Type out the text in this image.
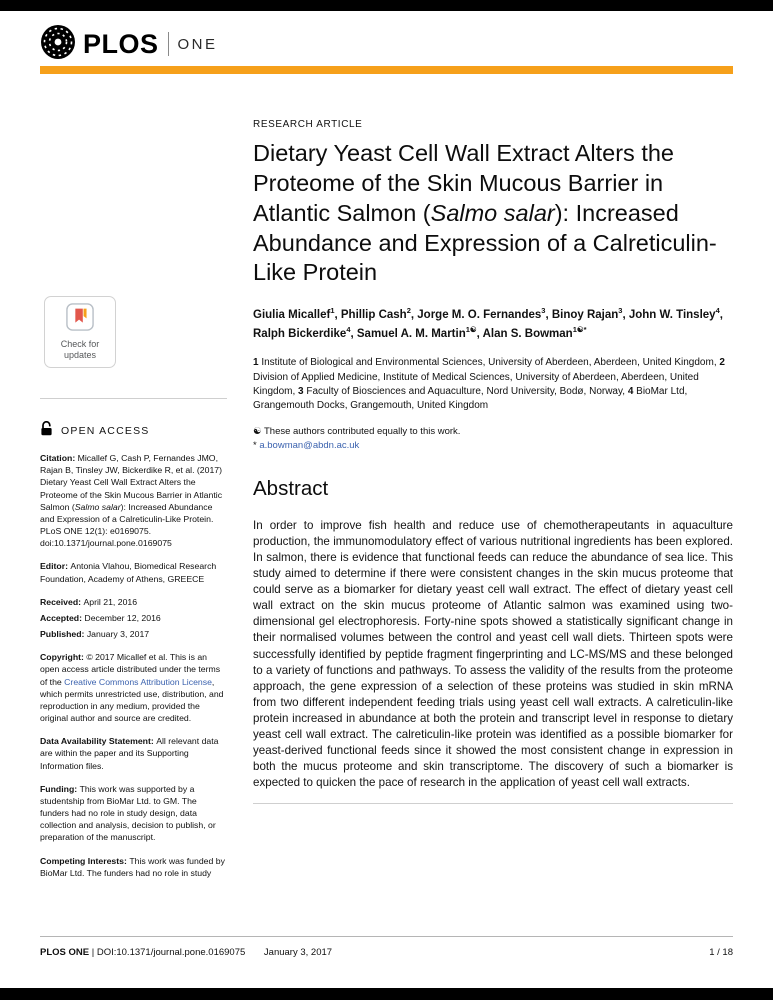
PLOS ONE
Check for
updates
OPEN ACCESS
Citation: Micallef G, Cash P, Fernandes JMO, Rajan B, Tinsley JW, Bickerdike R, et al. (2017) Dietary Yeast Cell Wall Extract Alters the Proteome of the Skin Mucous Barrier in Atlantic Salmon (Salmo salar): Increased Abundance and Expression of a Calreticulin-Like Protein. PLoS ONE 12(1): e0169075. doi:10.1371/journal.pone.0169075
Editor: Antonia Vlahou, Biomedical Research Foundation, Academy of Athens, GREECE
Received: April 21, 2016
Accepted: December 12, 2016
Published: January 3, 2017
Copyright: © 2017 Micallef et al. This is an open access article distributed under the terms of the Creative Commons Attribution License, which permits unrestricted use, distribution, and reproduction in any medium, provided the original author and source are credited.
Data Availability Statement: All relevant data are within the paper and its Supporting Information files.
Funding: This work was supported by a studentship from BioMar Ltd. to GM. The funders had no role in study design, data collection and analysis, decision to publish, or preparation of the manuscript.
Competing Interests: This work was funded by BioMar Ltd. The funders had no role in study
RESEARCH ARTICLE
Dietary Yeast Cell Wall Extract Alters the Proteome of the Skin Mucous Barrier in Atlantic Salmon (Salmo salar): Increased Abundance and Expression of a Calreticulin-Like Protein
Giulia Micallef$^1$, Phillip Cash$^2$, Jorge M. O. Fernandes$^3$, Binoy Rajan$^3$, John W. Tinsley$^4$, Ralph Bickerdike$^4$, Samuel A. M. Martin$^{1☯}$, Alan S. Bowman$^{1☯*}$
1 Institute of Biological and Environmental Sciences, University of Aberdeen, Aberdeen, United Kingdom, 2 Division of Applied Medicine, Institute of Medical Sciences, University of Aberdeen, Aberdeen, United Kingdom, 3 Faculty of Biosciences and Aquaculture, Nord University, Bodø, Norway, 4 BioMar Ltd, Grangemouth Docks, Grangemouth, United Kingdom
☯ These authors contributed equally to this work.
* a.bowman@abdn.ac.uk
Abstract

In order to improve fish health and reduce use of chemotherapeutants in aquaculture production, the immunomodulatory effect of various nutritional ingredients has been explored. In salmon, there is evidence that functional feeds can reduce the abundance of sea lice. This study aimed to determine if there were consistent changes in the skin mucus proteome that could serve as a biomarker for dietary yeast cell wall extract. The effect of dietary yeast cell wall extract on the skin mucus proteome of Atlantic salmon was examined using two-dimensional gel electrophoresis. Forty-nine spots showed a statistically significant change in their normalised volumes between the control and yeast cell wall diets. Thirteen spots were successfully identified by peptide fragment fingerprinting and LC-MS/MS and these belonged to a variety of functions and pathways. To assess the validity of the results from the proteome approach, the gene expression of a selection of these proteins was studied in skin mRNA from two different independent feeding trials using yeast cell wall extracts. A calreticulin-like protein increased in abundance at both the protein and transcript level in response to dietary yeast cell wall extract. The calreticulin-like protein was identified as a possible biomarker for yeast-derived functional feeds since it showed the most consistent change in expression in both the mucus proteome and skin transcriptome. The discovery of such a biomarker is expected to quicken the pace of research in the application of yeast cell wall extracts.

PLOS ONE | DOI:10.1371/journal.pone.0169075 January 3, 2017	1 / 18
